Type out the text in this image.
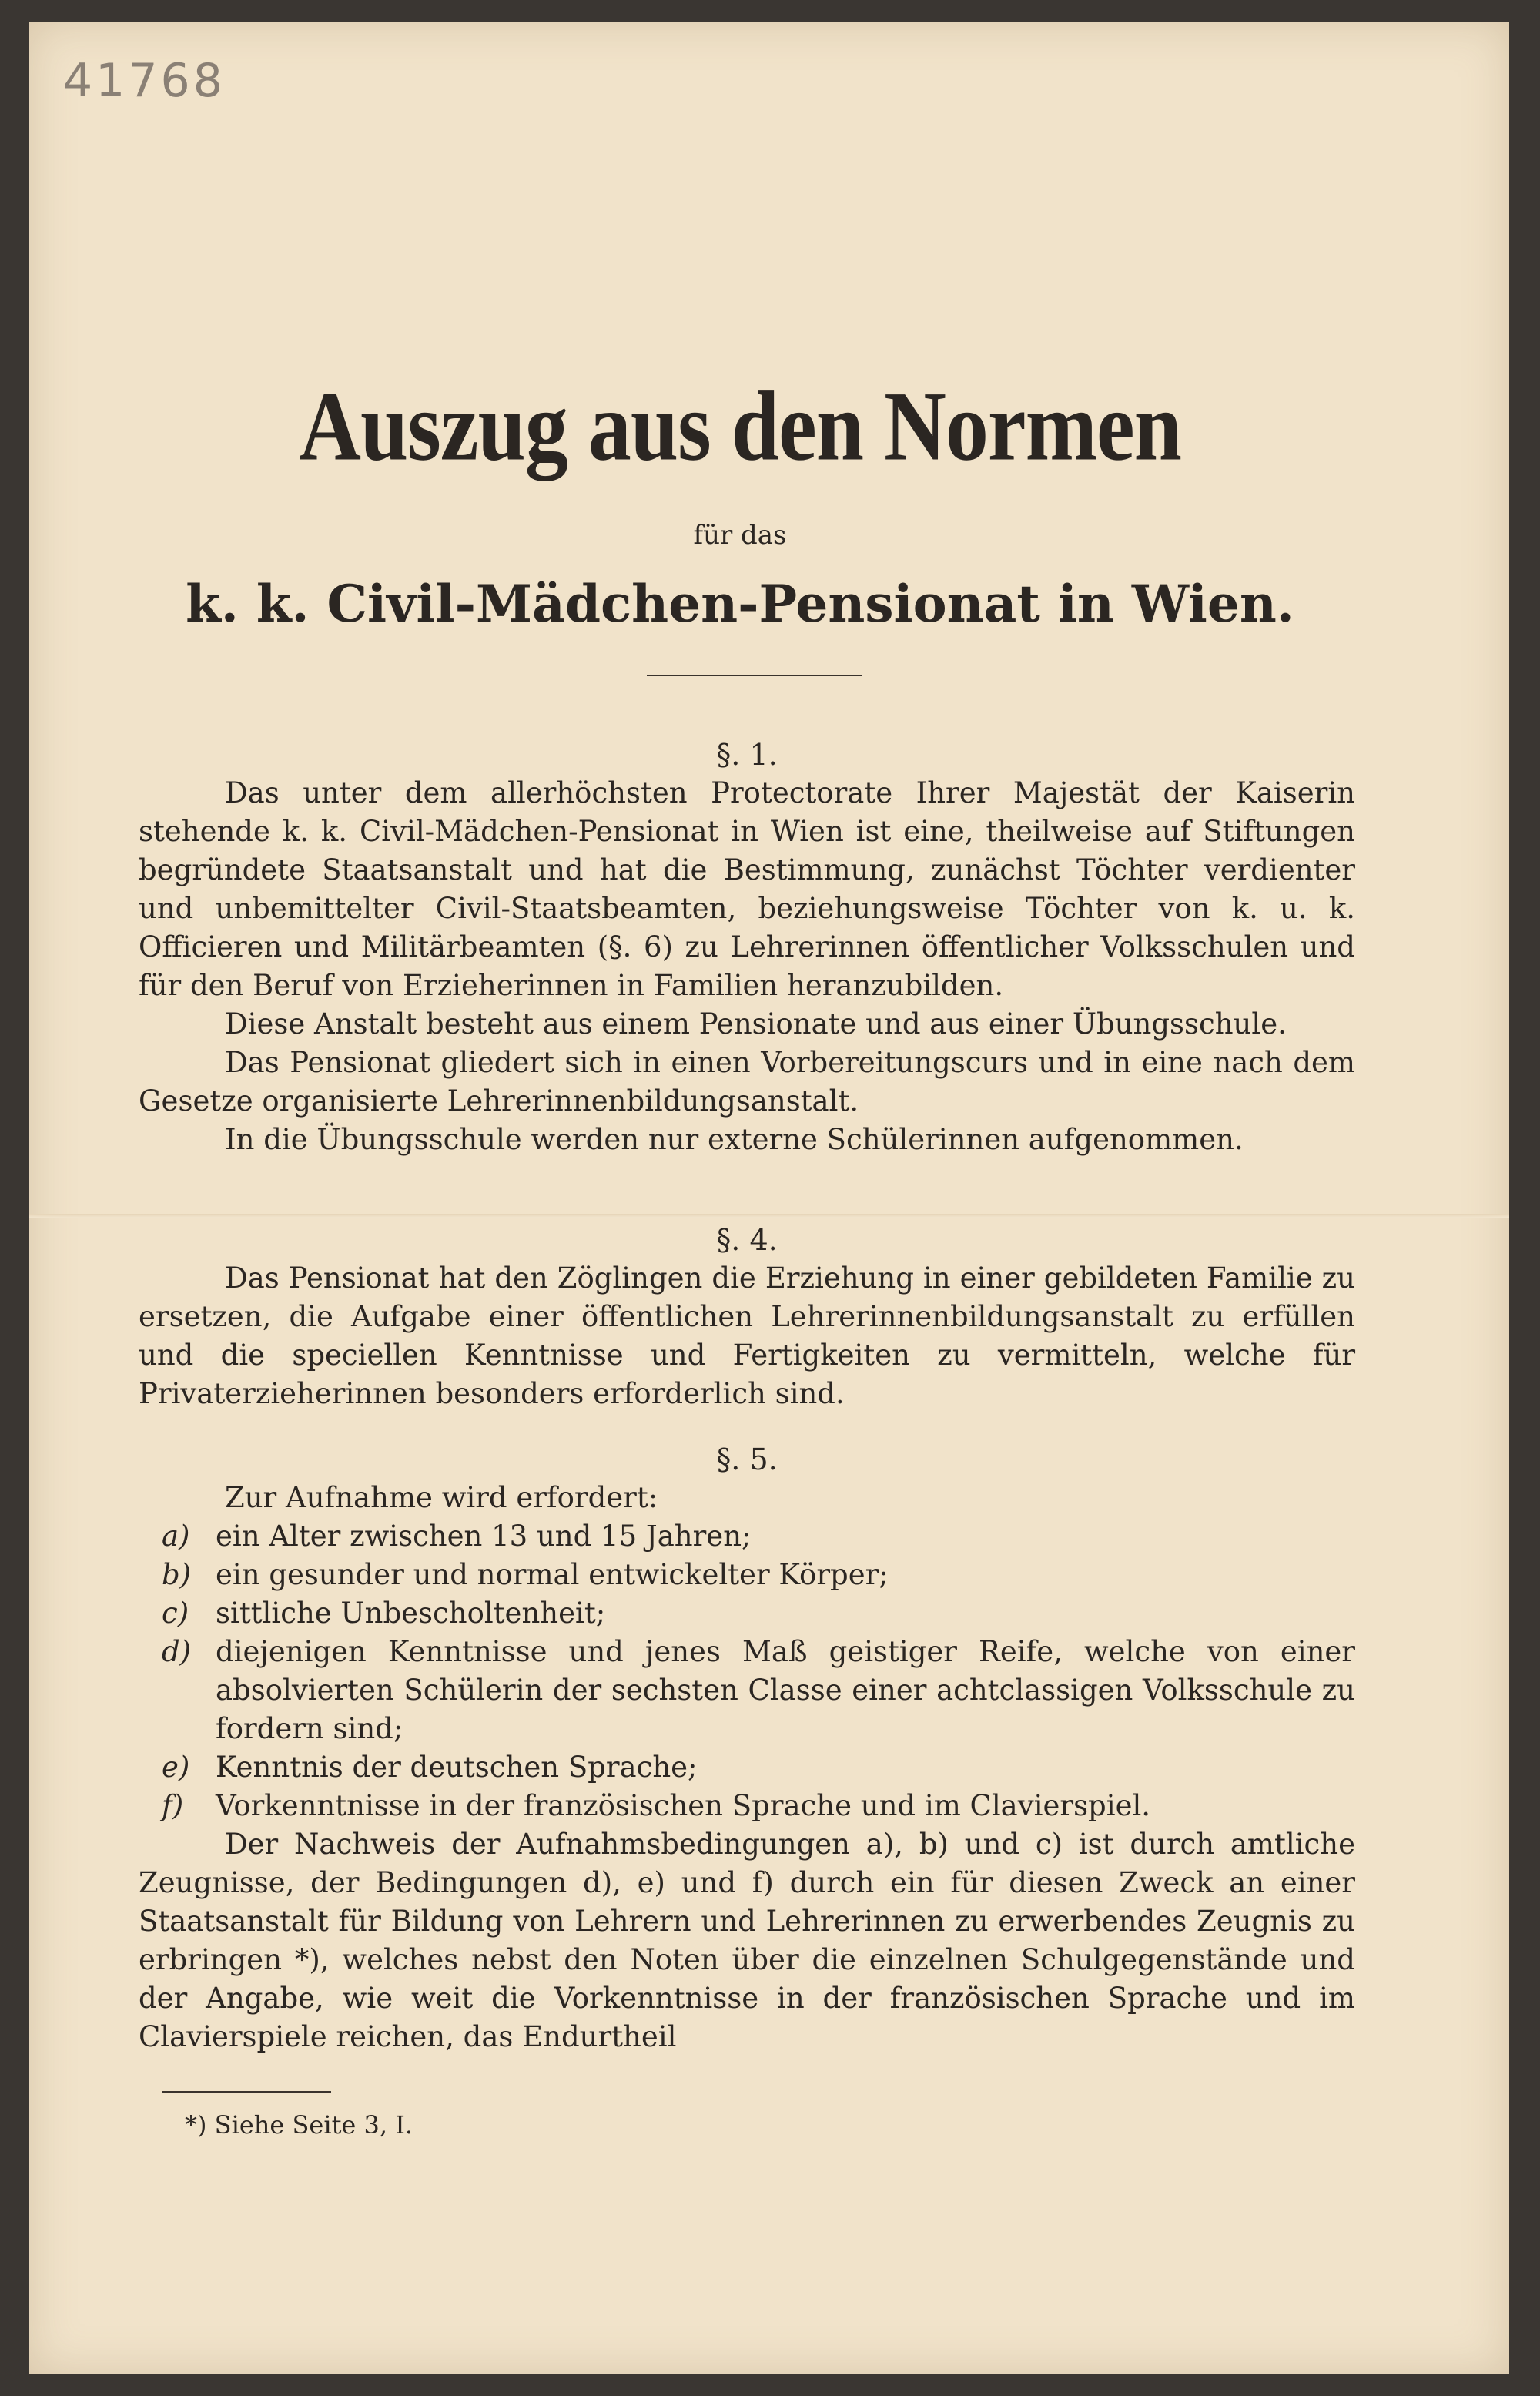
41768
Auszug aus den Normen
für das
k. k. Civil-Mädchen-Pensionat in Wien.

§. 1.

Das unter dem allerhöchsten Protectorate Ihrer Majestät der Kaiserin stehende k. k. Civil-Mädchen-Pensionat in Wien ist eine, theilweise auf Stiftungen begründete Staatsanstalt und hat die Bestimmung, zunächst Töchter verdienter und unbemittelter Civil-Staatsbeamten, beziehungsweise Töchter von k. u. k. Officieren und Militärbeamten (§. 6) zu Lehrerinnen öffentlicher Volksschulen und für den Beruf von Erzieherinnen in Familien heranzubilden.

Diese Anstalt besteht aus einem Pensionate und aus einer Übungsschule.

Das Pensionat gliedert sich in einen Vorbereitungscurs und in eine nach dem Gesetze organisierte Lehrerinnenbildungsanstalt.

In die Übungsschule werden nur externe Schülerinnen aufgenommen.

§. 4.

Das Pensionat hat den Zöglingen die Erziehung in einer gebildeten Familie zu ersetzen, die Aufgabe einer öffentlichen Lehrerinnenbildungsanstalt zu erfüllen und die speciellen Kenntnisse und Fertigkeiten zu vermitteln, welche für Privaterzieherinnen besonders erforderlich sind.

§. 5.

Zur Aufnahme wird erfordert:

a) ein Alter zwischen 13 und 15 Jahren;
b) ein gesunder und normal entwickelter Körper;
c) sittliche Unbescholtenheit;
d) diejenigen Kenntnisse und jenes Maß geistiger Reife, welche von einer absolvierten Schülerin der sechsten Classe einer achtclassigen Volksschule zu fordern sind;
e) Kenntnis der deutschen Sprache;
f) Vorkenntnisse in der französischen Sprache und im Clavierspiel.

Der Nachweis der Aufnahmsbedingungen a), b) und c) ist durch amtliche Zeugnisse, der Bedingungen d), e) und f) durch ein für diesen Zweck an einer Staatsanstalt für Bildung von Lehrern und Lehrerinnen zu erwerbendes Zeugnis zu erbringen *), welches nebst den Noten über die einzelnen Schulgegenstände und der Angabe, wie weit die Vorkenntnisse in der französischen Sprache und im Clavierspiele reichen, das Endurtheil

*) Siehe Seite 3, I.
